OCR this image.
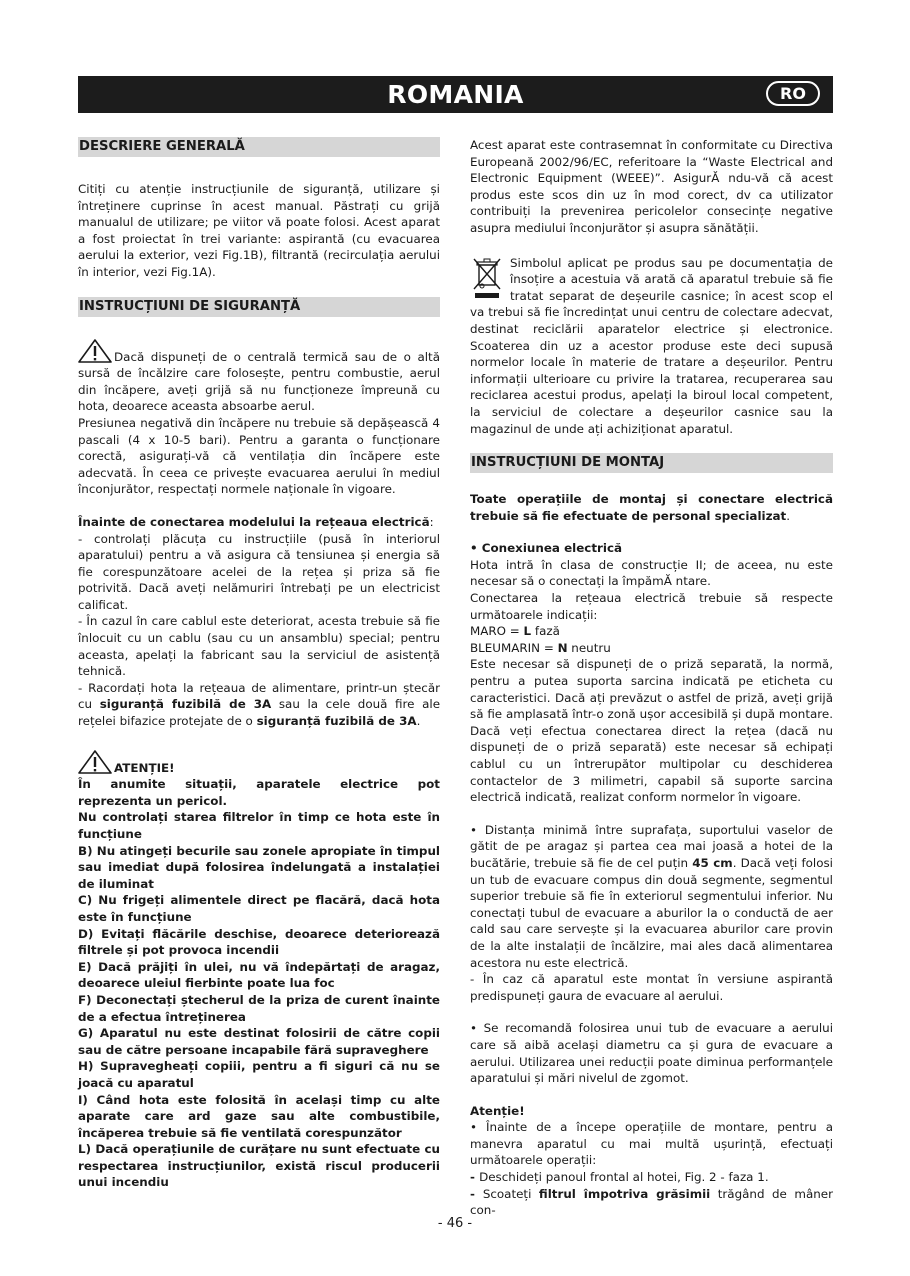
ROMANIA	RO
DESCRIERE GENERALĂ

Citiți cu atenție instrucțiunile de siguranță, utilizare și întreținere cuprinse în acest manual. Păstrați cu grijă manualul de utilizare; pe viitor vă poate folosi. Acest aparat a fost proiectat în trei variante: aspirantă (cu evacuarea aerului la exterior, vezi Fig.1B), filtrantă (recirculația aerului în interior, vezi Fig.1A).

INSTRUCȚIUNI DE SIGURANȚĂ

Dacă dispuneți de o centrală termică sau de o altă sursă de încălzire care folosește, pentru combustie, aerul din încăpere, aveți grijă să nu funcționeze împreună cu hota, deoarece aceasta absoarbe aerul.

Presiunea negativă din încăpere nu trebuie să depășească 4 pascali (4 x 10-5 bari). Pentru a garanta o funcționare corectă, asigurați-vă că ventilația din încăpere este adecvată. În ceea ce privește evacuarea aerului în mediul înconjurător, respectați normele naționale în vigoare.

Înainte de conectarea modelului la rețeaua electrică:

- controlați plăcuța cu instrucțiile (pusă în interiorul aparatului) pentru a vă asigura că tensiunea și energia să fie corespunzătoare acelei de la rețea și priza să fie potrivită. Dacă aveți nelămuriri întrebați pe un electricist calificat.

- În cazul în care cablul este deteriorat, acesta trebuie să fie înlocuit cu un cablu (sau cu un ansamblu) special; pentru aceasta, apelați la fabricant sau la serviciul de asistență tehnică.

- Racordați hota la rețeaua de alimentare, printr-un ștecăr cu siguranță fuzibilă de 3A sau la cele două fire ale rețelei bifazice protejate de o siguranță fuzibilă de 3A.

ATENȚIE!

În anumite situații, aparatele electrice pot reprezenta un pericol.

Nu controlați starea filtrelor în timp ce hota este în funcțiune

B) Nu atingeți becurile sau zonele apropiate în timpul sau imediat după folosirea îndelungată a instalației de iluminat

C) Nu frigeți alimentele direct pe flacără, dacă hota este în funcțiune

D) Evitați flăcările deschise, deoarece deteriorează filtrele și pot provoca incendii

E) Dacă prăjiți în ulei, nu vă îndepărtați de aragaz, deoarece uleiul fierbinte poate lua foc

F) Deconectați ștecherul de la priza de curent înainte de a efectua întreținerea

G) Aparatul nu este destinat folosirii de către copii sau de către persoane incapabile fără supraveghere

H) Supravegheați copiii, pentru a fi siguri că nu se joacă cu aparatul

I) Când hota este folosită în același timp cu alte aparate care ard gaze sau alte combustibile, încăperea trebuie să fie ventilată corespunzător

L) Dacă operațiunile de curățare nu sunt efectuate cu respectarea instrucțiunilor, există riscul producerii unui incendiu

Acest aparat este contrasemnat în conformitate cu Directiva Europeană 2002/96/EC, referitoare la “Waste Electrical and Electronic Equipment (WEEE)”. AsigurĂ ndu-vă că acest produs este scos din uz în mod corect, dv ca utilizator contribuiți la prevenirea pericolelor consecințe negative asupra mediului înconjurător și asupra sănătății.

Simbolul aplicat pe produs sau pe documentația de însoțire a acestuia vă arată că aparatul trebuie să fie tratat separat de deșeurile casnice; în acest scop el va trebui să fie încredințat unui centru de colectare adecvat, destinat reciclării aparatelor electrice și electronice. Scoaterea din uz a acestor produse este deci supusă normelor locale în materie de tratare a deșeurilor. Pentru informații ulterioare cu privire la tratarea, recuperarea sau reciclarea acestui produs, apelați la biroul local competent, la serviciul de colectare a deșeurilor casnice sau la magazinul de unde ați achiziționat aparatul.

INSTRUCȚIUNI DE MONTAJ

Toate operațiile de montaj și conectare electrică trebuie să fie efectuate de personal specializat.

• Conexiunea electrică

Hota intră în clasa de construcție II; de aceea, nu este necesar să o conectați la împămĂ ntare.

Conectarea la rețeaua electrică trebuie să respecte următoarele indicații:

MARO = L fază

BLEUMARIN = N neutru

Este necesar să dispuneți de o priză separată, la normă, pentru a putea suporta sarcina indicată pe eticheta cu caracteristici. Dacă ați prevăzut o astfel de priză, aveți grijă să fie amplasată într-o zonă ușor accesibilă și după montare. Dacă veți efectua conectarea direct la rețea (dacă nu dispuneți de o priză separată) este necesar să echipați cablul cu un întrerupător multipolar cu deschiderea contactelor de 3 milimetri, capabil să suporte sarcina electrică indicată, realizat conform normelor în vigoare.

• Distanța minimă între suprafața, suportului vaselor de gătit de pe aragaz și partea cea mai joasă a hotei de la bucătărie, trebuie să fie de cel puțin 45 cm. Dacă veți folosi un tub de evacuare compus din două segmente, segmentul superior trebuie să fie în exteriorul segmentului inferior. Nu conectați tubul de evacuare a aburilor la o conductă de aer cald sau care servește și la evacuarea aburilor care provin de la alte instalații de încălzire, mai ales dacă alimentarea acestora nu este electrică.

- În caz că aparatul este montat în versiune aspirantă predispuneți gaura de evacuare al aerului.

• Se recomandă folosirea unui tub de evacuare a aerului care să aibă același diametru ca și gura de evacuare a aerului. Utilizarea unei reducții poate diminua performanțele aparatului și mări nivelul de zgomot.

Atenție!

• Înainte de a începe operațiile de montare, pentru a manevra aparatul cu mai multă ușurință, efectuați următoarele operații:

- Deschideți panoul frontal al hotei, Fig. 2 - faza 1.

- Scoateți filtrul împotriva grăsimii trăgând de mâner con-

- 46 -
